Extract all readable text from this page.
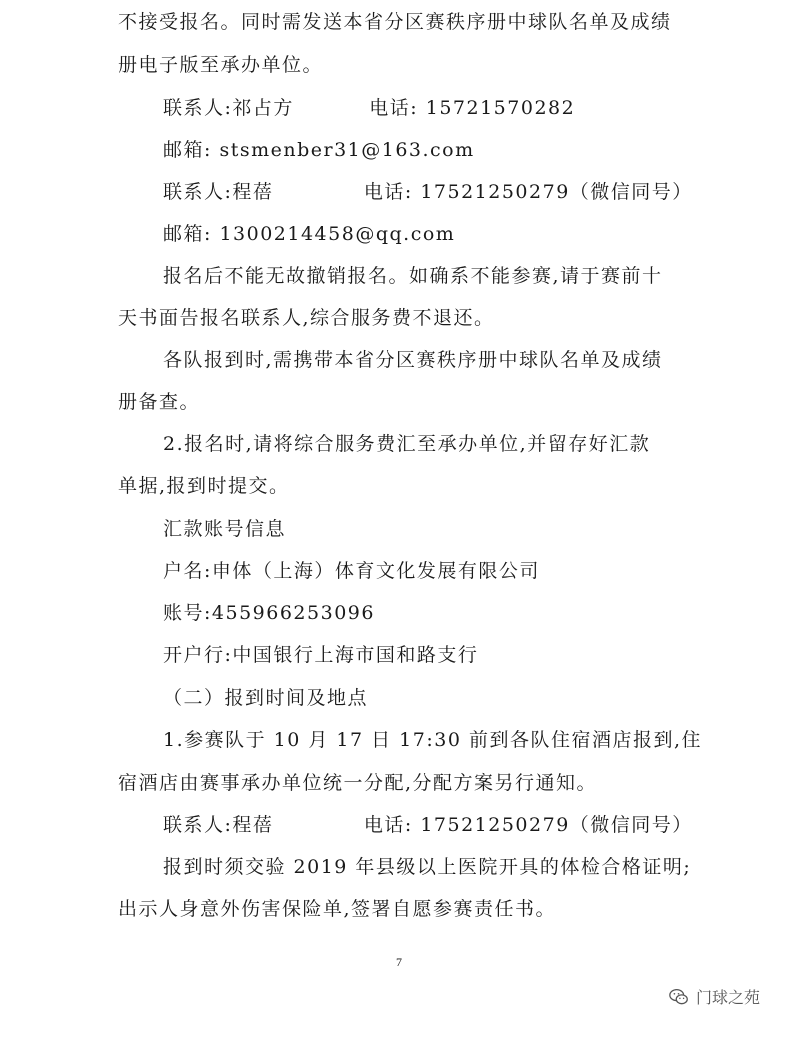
不接受报名。同时需发送本省分区赛秩序册中球队名单及成绩
册电子版至承办单位。
联系人:祁占方          电话: 15721570282
邮箱: stsmenber31@163.com
联系人:程蓓            电话: 17521250279（微信同号）
邮箱: 1300214458@qq.com
报名后不能无故撤销报名。如确系不能参赛,请于赛前十
天书面告报名联系人,综合服务费不退还。
各队报到时,需携带本省分区赛秩序册中球队名单及成绩
册备查。
2.报名时,请将综合服务费汇至承办单位,并留存好汇款
单据,报到时提交。
汇款账号信息
户名:申体（上海）体育文化发展有限公司
账号:455966253096
开户行:中国银行上海市国和路支行
（二）报到时间及地点
1.参赛队于 10 月 17 日 17:30 前到各队住宿酒店报到,住
宿酒店由赛事承办单位统一分配,分配方案另行通知。
联系人:程蓓            电话: 17521250279（微信同号）
报到时须交验 2019 年县级以上医院开具的体检合格证明;
出示人身意外伤害保险单,签署自愿参赛责任书。
7
门球之苑
